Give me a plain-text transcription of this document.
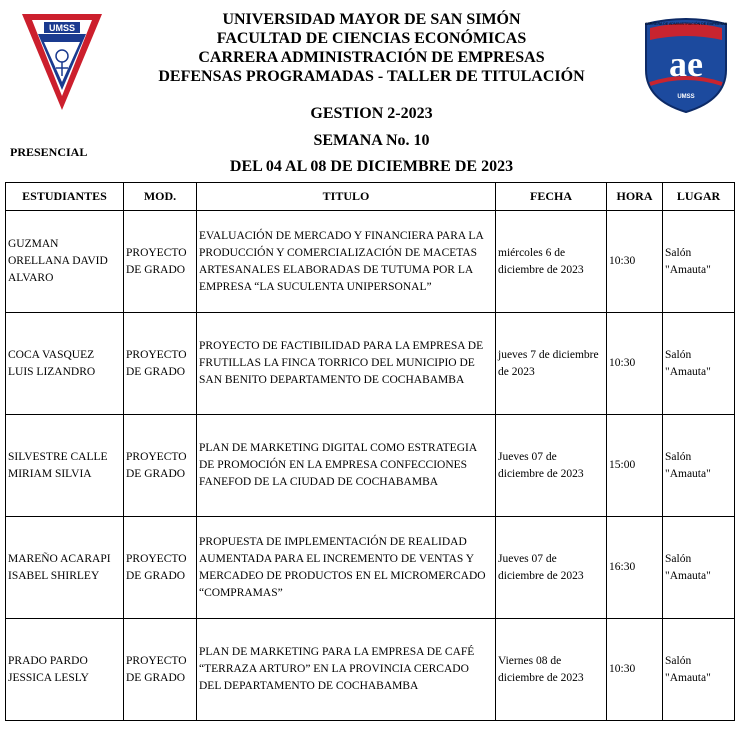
UMSS	CARRERA DE ADMINISTRACIÓN DE EMPRESAS
ae
UMSS
UNIVERSIDAD MAYOR DE SAN SIMÓN
FACULTAD DE CIENCIAS ECONÓMICAS
CARRERA ADMINISTRACIÓN DE EMPRESAS
DEFENSAS PROGRAMADAS - TALLER DE TITULACIÓN
GESTION 2-2023
SEMANA No. 10
DEL 04 AL 08 DE DICIEMBRE DE 2023
PRESENCIAL
ESTUDIANTES	MOD.	TITULO	FECHA	HORA	LUGAR
GUZMAN ORELLANA DAVID ALVARO	PROYECTO DE GRADO	EVALUACIÓN DE MERCADO Y FINANCIERA PARA LA PRODUCCIÓN Y COMERCIALIZACIÓN DE MACETAS ARTESANALES ELABORADAS DE TUTUMA POR LA EMPRESA “LA SUCULENTA UNIPERSONAL”	miércoles 6 de diciembre de 2023	10:30	Salón "Amauta"
COCA VASQUEZ LUIS LIZANDRO	PROYECTO DE GRADO	PROYECTO DE FACTIBILIDAD PARA LA EMPRESA DE FRUTILLAS LA FINCA TORRICO DEL MUNICIPIO DE SAN BENITO DEPARTAMENTO DE COCHABAMBA	jueves 7 de diciembre de 2023	10:30	Salón "Amauta"
SILVESTRE CALLE MIRIAM SILVIA	PROYECTO DE GRADO	PLAN DE MARKETING DIGITAL COMO ESTRATEGIA DE PROMOCIÓN EN LA EMPRESA CONFECCIONES FANEFOD DE LA CIUDAD DE COCHABAMBA	Jueves 07 de diciembre de 2023	15:00	Salón "Amauta"
MAREÑO ACARAPI ISABEL SHIRLEY	PROYECTO DE GRADO	PROPUESTA DE IMPLEMENTACIÓN DE REALIDAD AUMENTADA PARA EL INCREMENTO DE VENTAS Y MERCADEO DE PRODUCTOS EN EL MICROMERCADO “COMPRAMAS”	Jueves 07 de diciembre de 2023	16:30	Salón "Amauta"
PRADO PARDO JESSICA LESLY	PROYECTO DE GRADO	PLAN DE MARKETING PARA LA EMPRESA DE CAFÉ “TERRAZA ARTURO” EN LA PROVINCIA CERCADO DEL DEPARTAMENTO DE COCHABAMBA	Viernes 08 de diciembre de 2023	10:30	Salón "Amauta"
